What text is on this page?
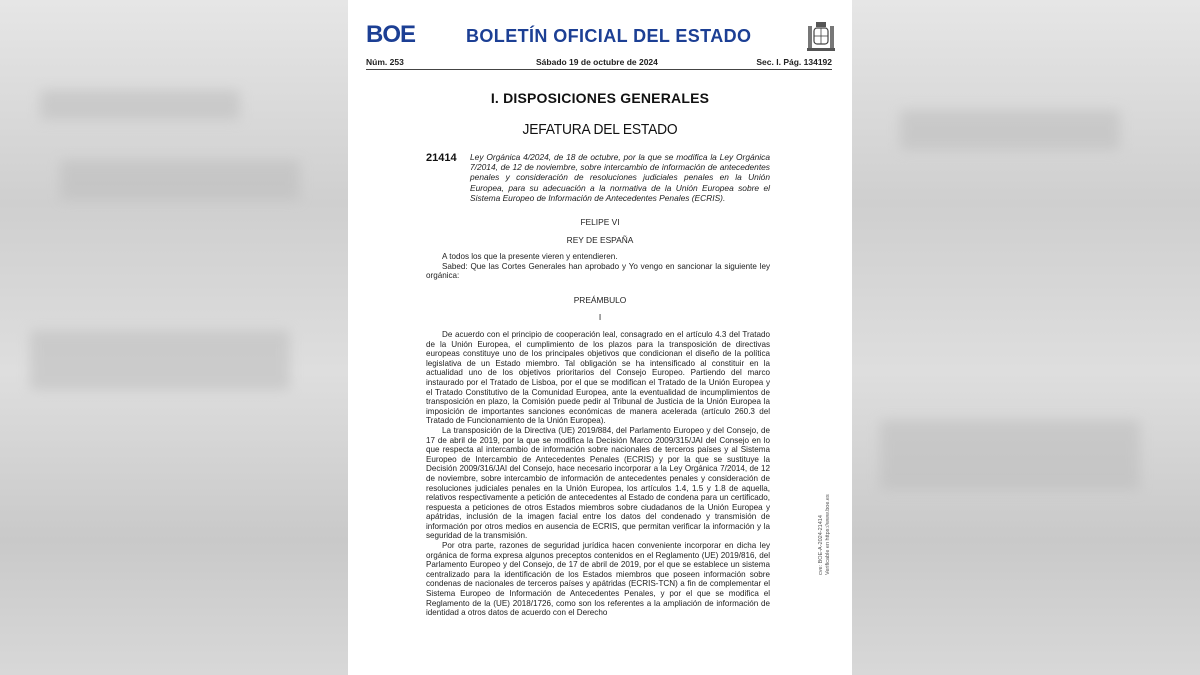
BOE	BOLETÍN OFICIAL DEL ESTADO
Núm. 253	Sábado 19 de octubre de 2024	Sec. I. Pág. 134192
I. DISPOSICIONES GENERALES
JEFATURA DEL ESTADO
21414 Ley Orgánica 4/2024, de 18 de octubre, por la que se modifica la Ley Orgánica 7/2014, de 12 de noviembre, sobre intercambio de información de antecedentes penales y consideración de resoluciones judiciales penales en la Unión Europea, para su adecuación a la normativa de la Unión Europea sobre el Sistema Europeo de Información de Antecedentes Penales (ECRIS).
FELIPE VI
REY DE ESPAÑA

A todos los que la presente vieren y entendieren.

Sabed: Que las Cortes Generales han aprobado y Yo vengo en sancionar la siguiente ley orgánica:

PREÁMBULO
I

De acuerdo con el principio de cooperación leal, consagrado en el artículo 4.3 del Tratado de la Unión Europea, el cumplimiento de los plazos para la transposición de directivas europeas constituye uno de los principales objetivos que condicionan el diseño de la política legislativa de un Estado miembro. Tal obligación se ha intensificado al constituir en la actualidad uno de los objetivos prioritarios del Consejo Europeo. Partiendo del marco instaurado por el Tratado de Lisboa, por el que se modifican el Tratado de la Unión Europea y el Tratado Constitutivo de la Comunidad Europea, ante la eventualidad de incumplimientos de transposición en plazo, la Comisión puede pedir al Tribunal de Justicia de la Unión Europea la imposición de importantes sanciones económicas de manera acelerada (artículo 260.3 del Tratado de Funcionamiento de la Unión Europea).

La transposición de la Directiva (UE) 2019/884, del Parlamento Europeo y del Consejo, de 17 de abril de 2019, por la que se modifica la Decisión Marco 2009/315/JAI del Consejo en lo que respecta al intercambio de información sobre nacionales de terceros países y al Sistema Europeo de Intercambio de Antecedentes Penales (ECRIS) y por la que se sustituye la Decisión 2009/316/JAI del Consejo, hace necesario incorporar a la Ley Orgánica 7/2014, de 12 de noviembre, sobre intercambio de información de antecedentes penales y consideración de resoluciones judiciales penales en la Unión Europea, los artículos 1.4, 1.5 y 1.8 de aquella, relativos respectivamente a petición de antecedentes al Estado de condena para un certificado, respuesta a peticiones de otros Estados miembros sobre ciudadanos de la Unión Europea y apátridas, inclusión de la imagen facial entre los datos del condenado y transmisión de información por otros medios en ausencia de ECRIS, que permitan verificar la información y la seguridad de la transmisión.

Por otra parte, razones de seguridad jurídica hacen conveniente incorporar en dicha ley orgánica de forma expresa algunos preceptos contenidos en el Reglamento (UE) 2019/816, del Parlamento Europeo y del Consejo, de 17 de abril de 2019, por el que se establece un sistema centralizado para la identificación de los Estados miembros que poseen información sobre condenas de nacionales de terceros países y apátridas (ECRIS-TCN) a fin de complementar el Sistema Europeo de Información de Antecedentes Penales, y por el que se modifica el Reglamento de la (UE) 2018/1726, como son los referentes a la ampliación de información de identidad a otros datos de acuerdo con el Derecho

cve: BOE-A-2024-21414 Verificable en https://www.boe.es
